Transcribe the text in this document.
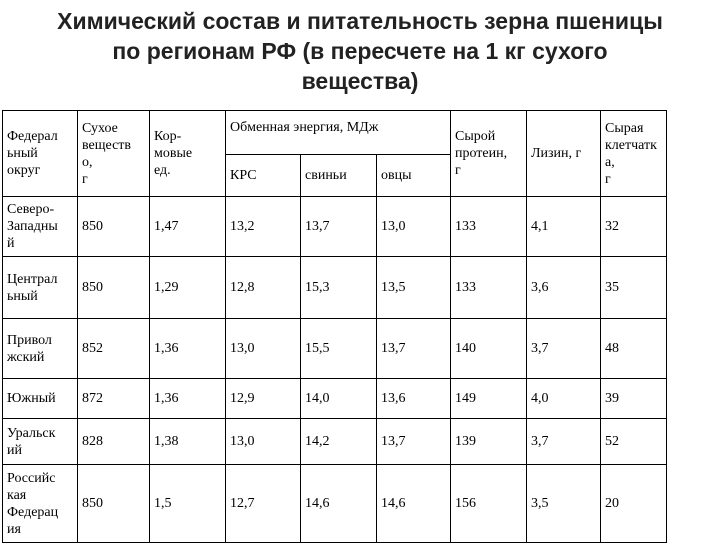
Химический состав и питательность зерна пшеницы
по регионам РФ (в пересчете на 1 кг сухого
вещества)
Федерал
ьный
округ	Сухое
веществ
о,
г	Кор-
мовые
ед.	Обменная энергия, МДж			Сырой
протеин,
г	Лизин, г	Сырая
клетчатк
а,
г

			КРС	свиньи	овцы			

Северо-
Западны
й	850	1,47	13,2	13,7	13,0	133	4,1	32

Централ
ьный	850	1,29	12,8	15,3	13,5	133	3,6	35

Привол
жский	852	1,36	13,0	15,5	13,7	140	3,7	48

Южный	872	1,36	12,9	14,0	13,6	149	4,0	39

Уральск
ий	828	1,38	13,0	14,2	13,7	139	3,7	52

Российс
кая
Федерац
ия	850	1,5	12,7	14,6	14,6	156	3,5	20
